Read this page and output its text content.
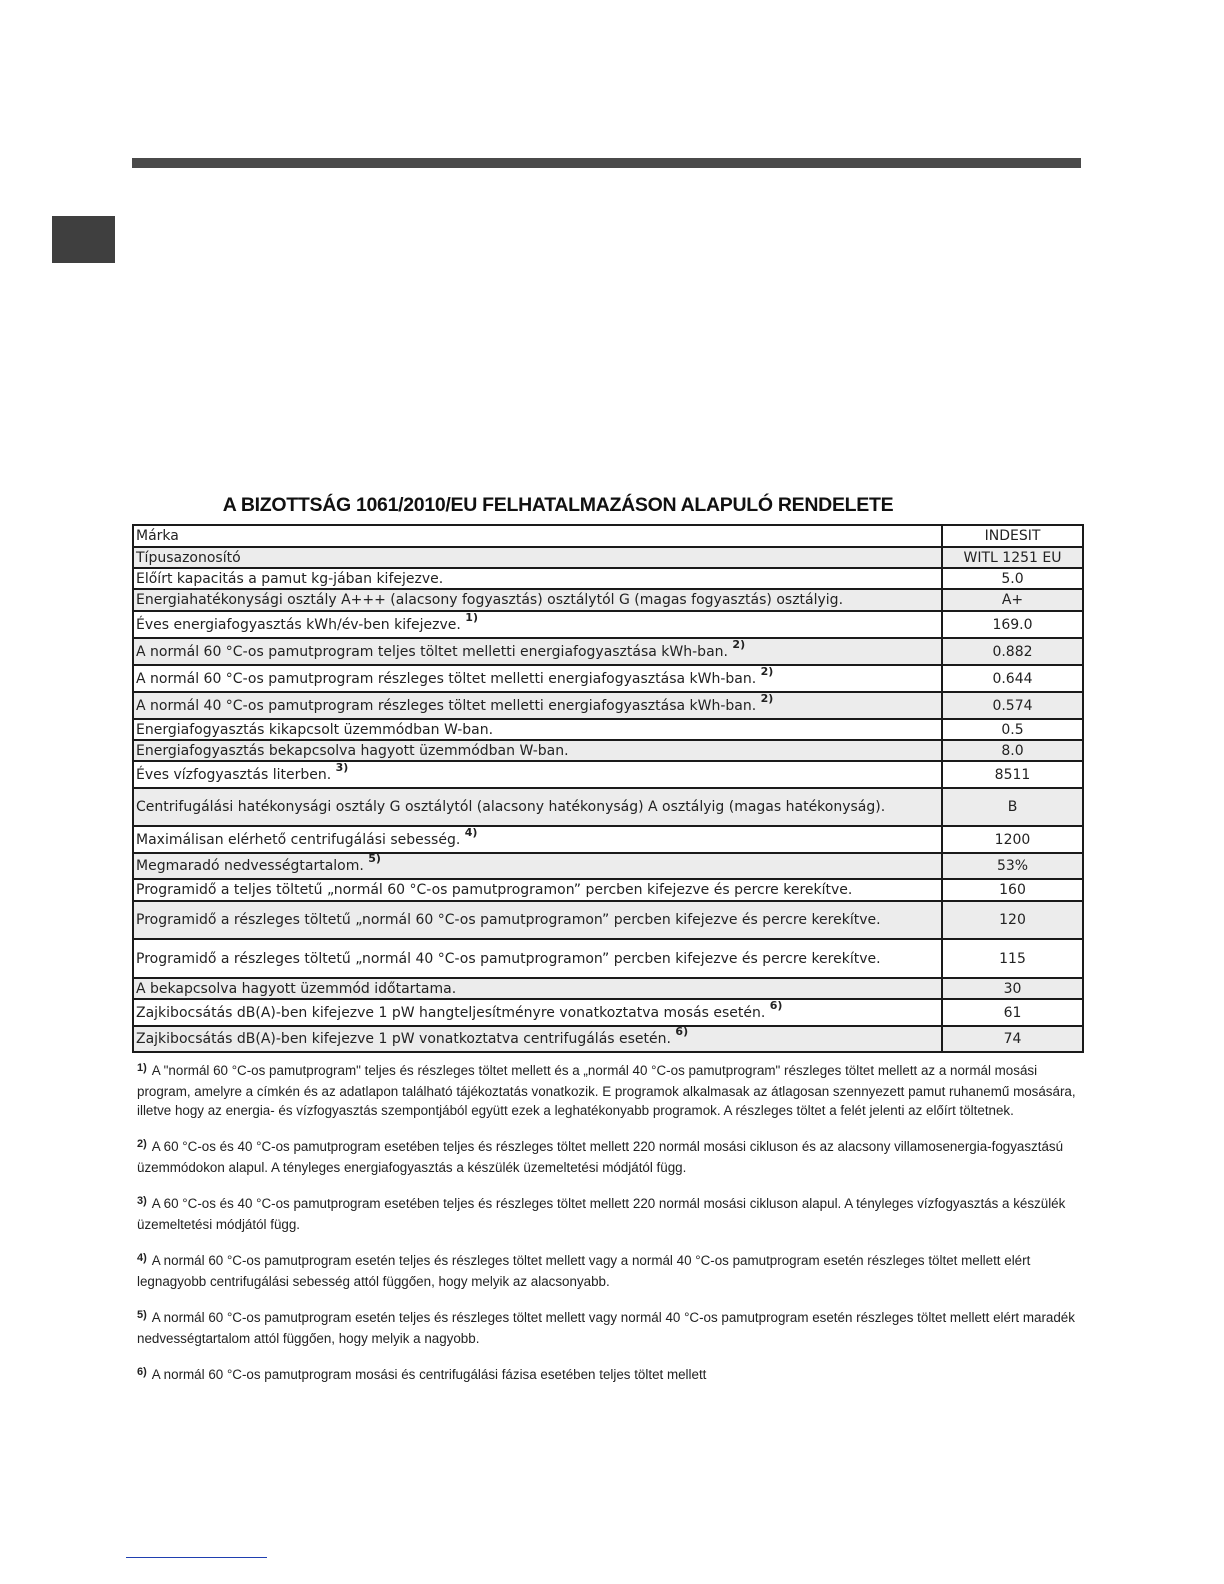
A BIZOTTSÁG 1061/2010/EU FELHATALMAZÁSON ALAPULÓ RENDELETE
Márka	INDESIT
Típusazonosító	WITL 1251 EU
Előírt kapacitás a pamut kg-jában kifejezve.	5.0
Energiahatékonysági osztály A+++ (alacsony fogyasztás) osztálytól G (magas fogyasztás) osztályig.	A+
Éves energiafogyasztás kWh/év-ben kifejezve. $^{1)}$	169.0
A normál 60 °C-os pamutprogram teljes töltet melletti energiafogyasztása kWh-ban. $^{2)}$	0.882
A normál 60 °C-os pamutprogram részleges töltet melletti energiafogyasztása kWh-ban. $^{2)}$	0.644
A normál 40 °C-os pamutprogram részleges töltet melletti energiafogyasztása kWh-ban. $^{2)}$	0.574
Energiafogyasztás kikapcsolt üzemmódban W-ban.	0.5
Energiafogyasztás bekapcsolva hagyott üzemmódban W-ban.	8.0
Éves vízfogyasztás literben. $^{3)}$	8511
Centrifugálási hatékonysági osztály G osztálytól (alacsony hatékonyság) A osztályig (magas hatékonyság).	B
Maximálisan elérhető centrifugálási sebesség. $^{4)}$	1200
Megmaradó nedvességtartalom. $^{5)}$	53%
Programidő a teljes töltetű „normál 60 °C-os pamutprogramon” percben kifejezve és percre kerekítve.	160
Programidő a részleges töltetű „normál 60 °C-os pamutprogramon” percben kifejezve és percre kerekítve.	120
Programidő a részleges töltetű „normál 40 °C-os pamutprogramon” percben kifejezve és percre kerekítve.	115
A bekapcsolva hagyott üzemmód időtartama.	30
Zajkibocsátás dB(A)-ben kifejezve 1 pW hangteljesítményre vonatkoztatva mosás esetén. $^{6)}$	61
Zajkibocsátás dB(A)-ben kifejezve 1 pW vonatkoztatva centrifugálás esetén. $^{6)}$	74

$^{1)}$ A "normál 60 °C-os pamutprogram" teljes és részleges töltet mellett és a „normál 40 °C-os pamutprogram" részleges töltet mellett az a normál mosási program, amelyre a címkén és az adatlapon található tájékoztatás vonatkozik. E programok alkalmasak az átlagosan szennyezett pamut ruhanemű mosására, illetve hogy az energia- és vízfogyasztás szempontjából együtt ezek a leghatékonyabb programok. A részleges töltet a felét jelenti az előírt töltetnek.

$^{2)}$ A 60 °C-os és 40 °C-os pamutprogram esetében teljes és részleges töltet mellett 220 normál mosási cikluson és az alacsony villamosenergia-fogyasztású üzemmódokon alapul. A tényleges energiafogyasztás a készülék üzemeltetési módjától függ.

$^{3)}$ A 60 °C-os és 40 °C-os pamutprogram esetében teljes és részleges töltet mellett 220 normál mosási cikluson alapul. A tényleges vízfogyasztás a készülék üzemeltetési módjától függ.

$^{4)}$ A normál 60 °C-os pamutprogram esetén teljes és részleges töltet mellett vagy a normál 40 °C-os pamutprogram esetén részleges töltet mellett elért legnagyobb centrifugálási sebesség attól függően, hogy melyik az alacsonyabb.

$^{5)}$ A normál 60 °C-os pamutprogram esetén teljes és részleges töltet mellett vagy normál 40 °C-os pamutprogram esetén részleges töltet mellett elért maradék nedvességtartalom attól függően, hogy melyik a nagyobb.

$^{6)}$ A normál 60 °C-os pamutprogram mosási és centrifugálási fázisa esetében teljes töltet mellett
